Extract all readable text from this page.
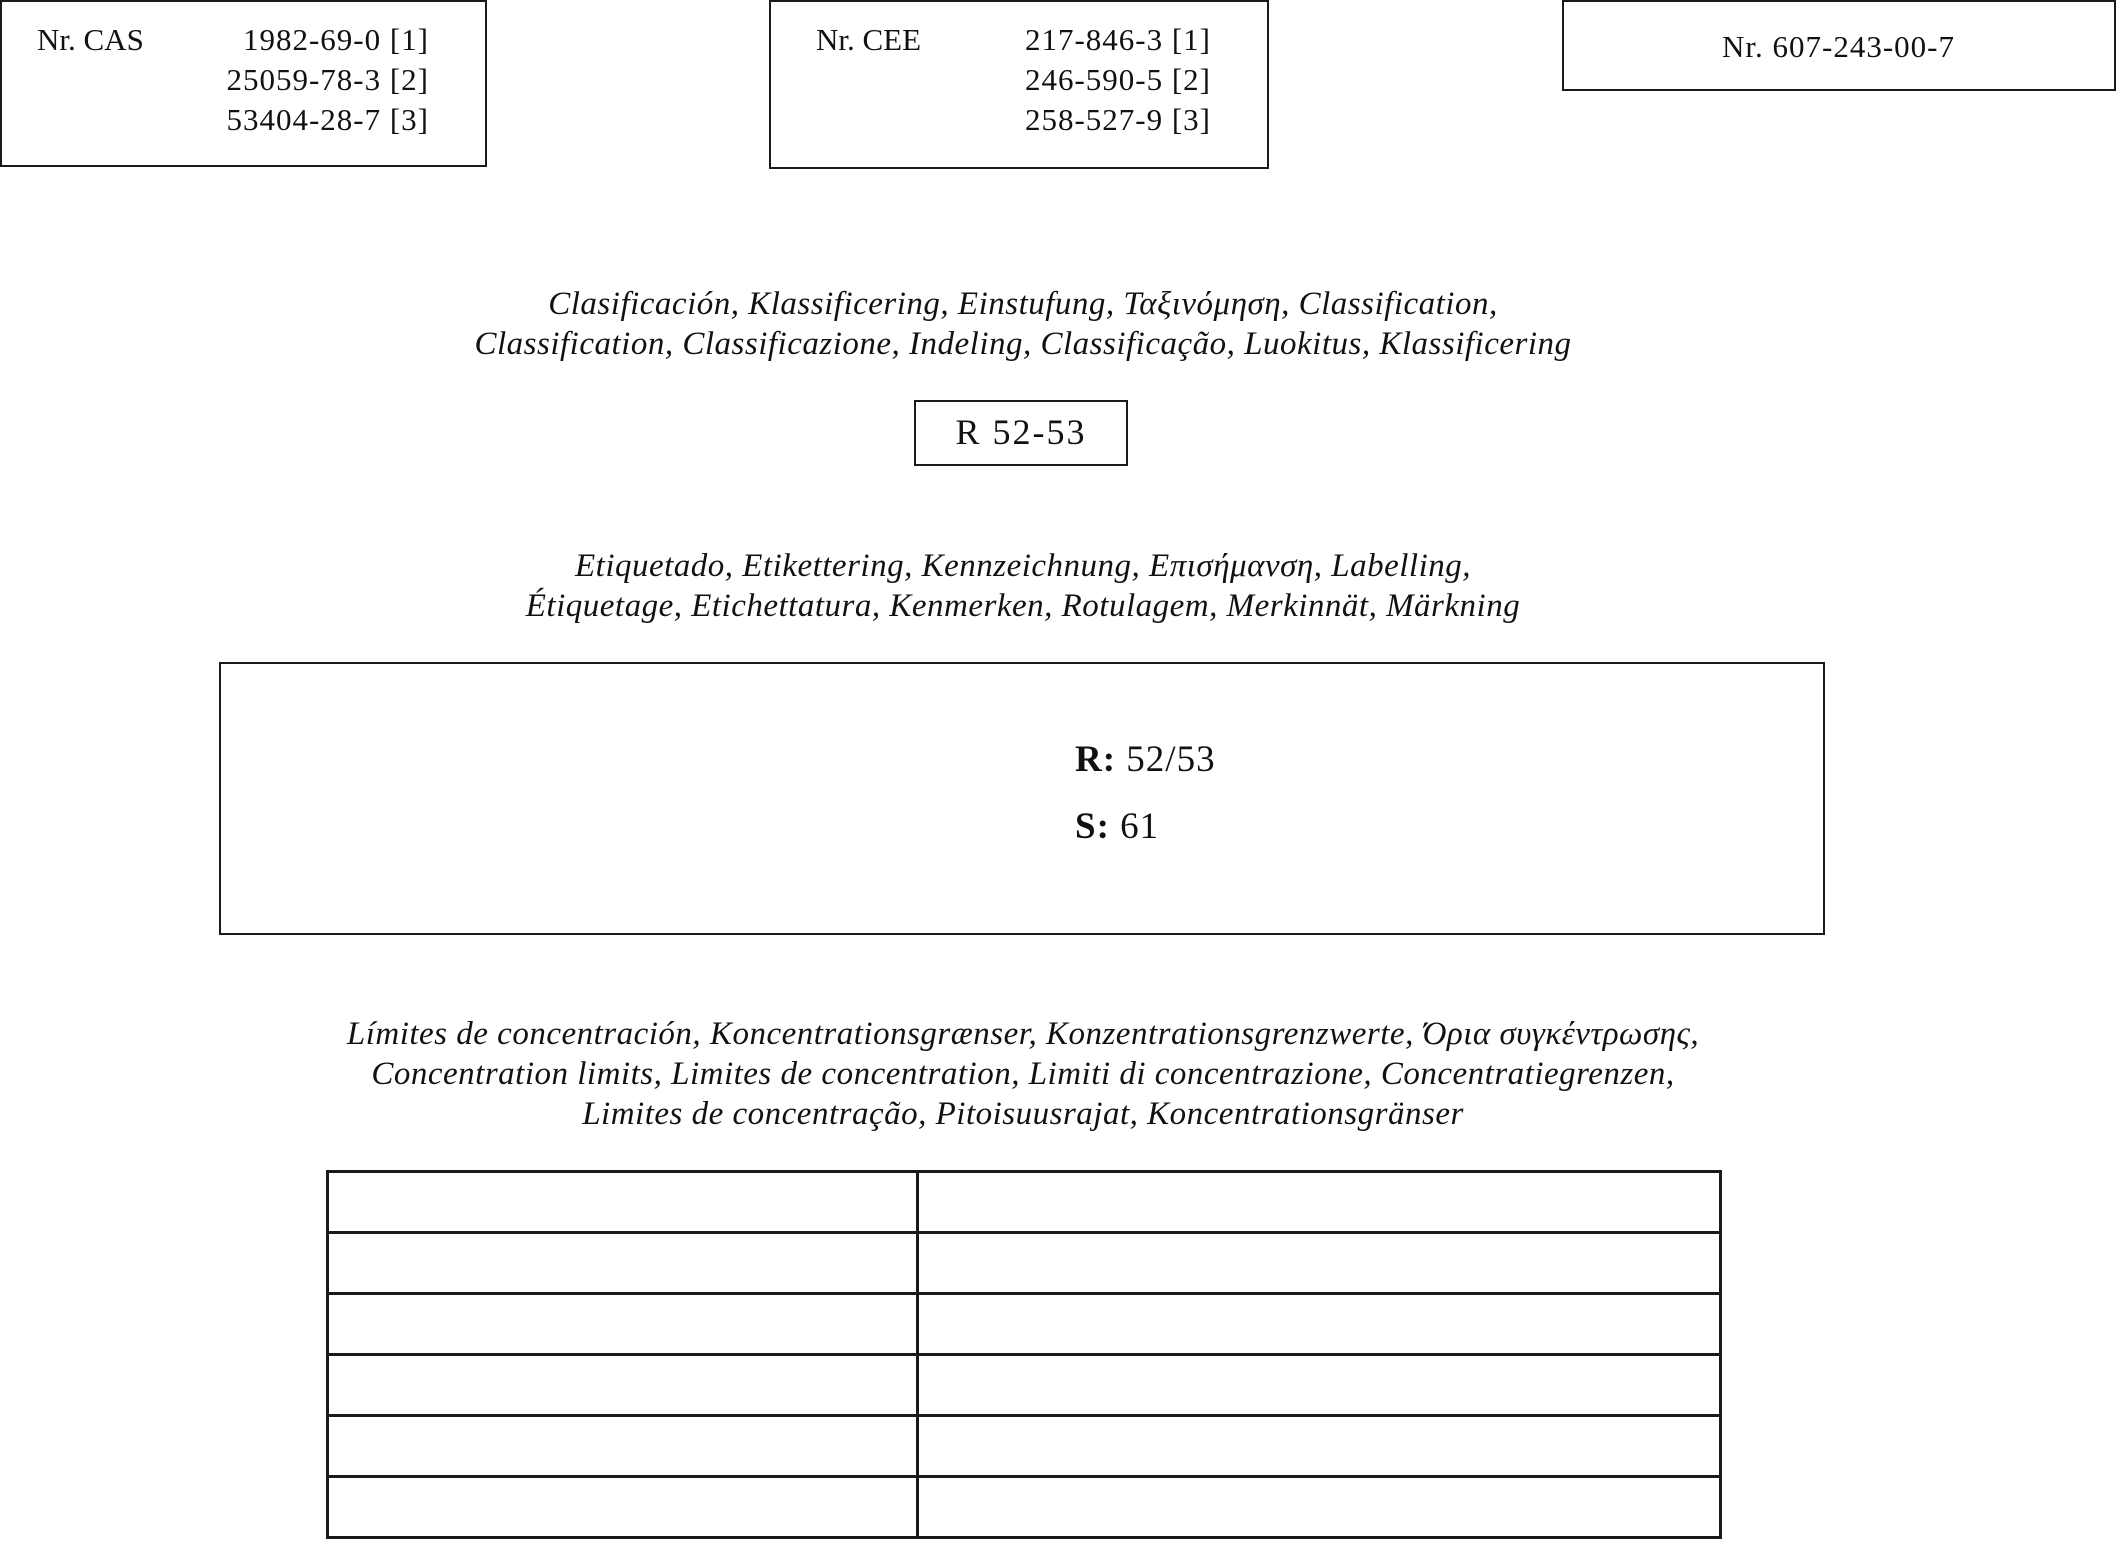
Nr. CAS	1982-69-0 [1]
25059-78-3 [2]
53404-28-7 [3]
Nr. CEE	217-846-3 [1]
246-590-5 [2]
258-527-9 [3]
Nr. 607-243-00-7
Clasificación, Klassificering, Einstufung, Ταξινόμηση, Classification,
Classification, Classificazione, Indeling, Classificação, Luokitus, Klassificering
R 52-53
Etiquetado, Etikettering, Kennzeichnung, Επισήμανση, Labelling,
Étiquetage, Etichettatura, Kenmerken, Rotulagem, Merkinnät, Märkning
R: 52/53
S: 61
Límites de concentración, Koncentrationsgrænser, Konzentrationsgrenzwerte, Όρια συγκέντρωσης,
Concentration limits, Limites de concentration, Limiti di concentrazione, Concentratiegrenzen,
Limites de concentração, Pitoisuusrajat, Koncentrationsgränser
